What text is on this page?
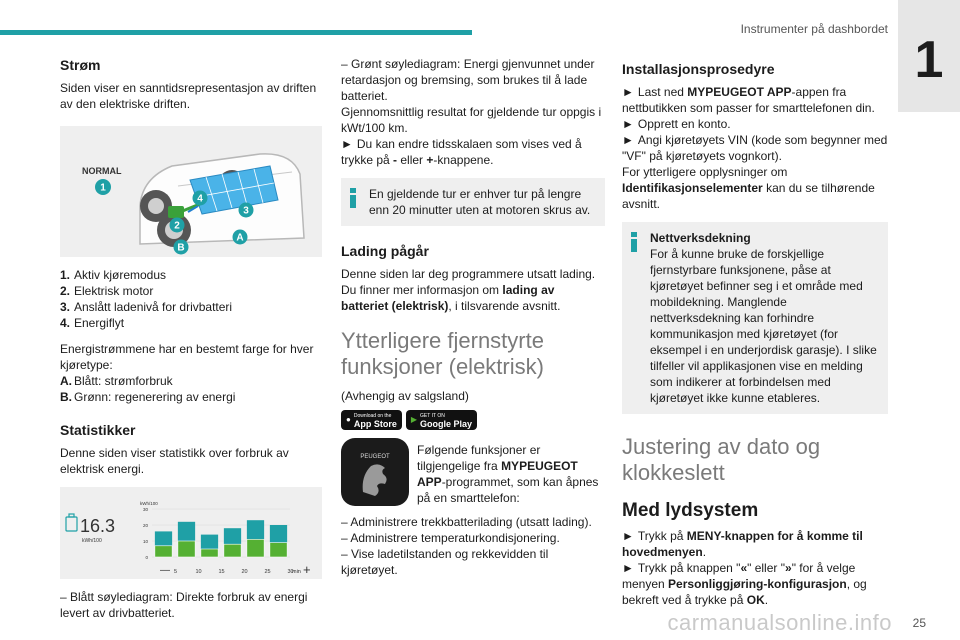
Instrumenter på dashbordet
1
Strøm

Siden viser en sanntidsrepresentasjon av driften av den elektriske driften.

NORMAL
1
2
3
4
A
B
1. Aktiv kjøremodus
2. Elektrisk motor
3. Anslått ladenivå for drivbatteri
4. Energiflyt

Energistrømmene har en bestemt farge for hver kjøretype:

A. Blått: strømforbruk
B. Grønn: regenerering av energi
Statistikker

Denne siden viser statistikk over forbruk av elektrisk energi.

16.3
kWh/100
kWh/100
0
10
20
30
5	10	15	20	25	30
min
—	+

– Blått søylediagram: Direkte forbruk av energi levert av drivbatteriet.

– Grønt søylediagram: Energi gjenvunnet under retardasjon og bremsing, som brukes til å lade batteriet.

Gjennomsnittlig resultat for gjeldende tur oppgis i kWt/100 km.

► Du kan endre tidsskalaen som vises ved å trykke på - eller +-knappene.

En gjeldende tur er enhver tur på lengre enn 20 minutter uten at motoren skrus av.
Lading pågår

Denne siden lar deg programmere utsatt lading. Du finner mer informasjon om lading av batteriet (elektrisk), i tilsvarende avsnitt.

Ytterligere fjernstyrte funksjoner (elektrisk)

(Avhengig av salgsland)

● Download on the
App Store ▶ GET IT ON
Google Play
PEUGEOT Følgende funksjoner er tilgjengelige fra MYPEUGEOT APP-programmet, som kan åpnes på en smarttelefon:

– Administrere trekkbatterilading (utsatt lading).

– Administrere temperaturkondisjonering.

– Vise ladetilstanden og rekkevidden til kjøretøyet.

Installasjonsprosedyre

► Last ned MYPEUGEOT APP-appen fra nettbutikken som passer for smarttelefonen din.

► Opprett en konto.

► Angi kjøretøyets VIN (kode som begynner med "VF" på kjøretøyets vognkort).

For ytterligere opplysninger om Identifikasjonselementer kan du se tilhørende avsnitt.

Nettverksdekning
For å kunne bruke de forskjellige fjernstyrbare funksjonene, påse at kjøretøyet befinner seg i et område med mobildekning. Manglende nettverksdekning kan forhindre kommunikasjon med kjøretøyet (for eksempel i en underjordisk garasje). I slike tilfeller vil applikasjonen vise en melding som indikerer at forbindelsen med kjøretøyet ikke kunne etableres.
Justering av dato og klokkeslett
Med lydsystem

► Trykk på MENY-knappen for å komme til hovedmenyen.

► Trykk på knappen "«" eller "»" for å velge menyen Personliggjøring-konfigurasjon, og bekreft ved å trykke på OK.

carmanualsonline.info 25
